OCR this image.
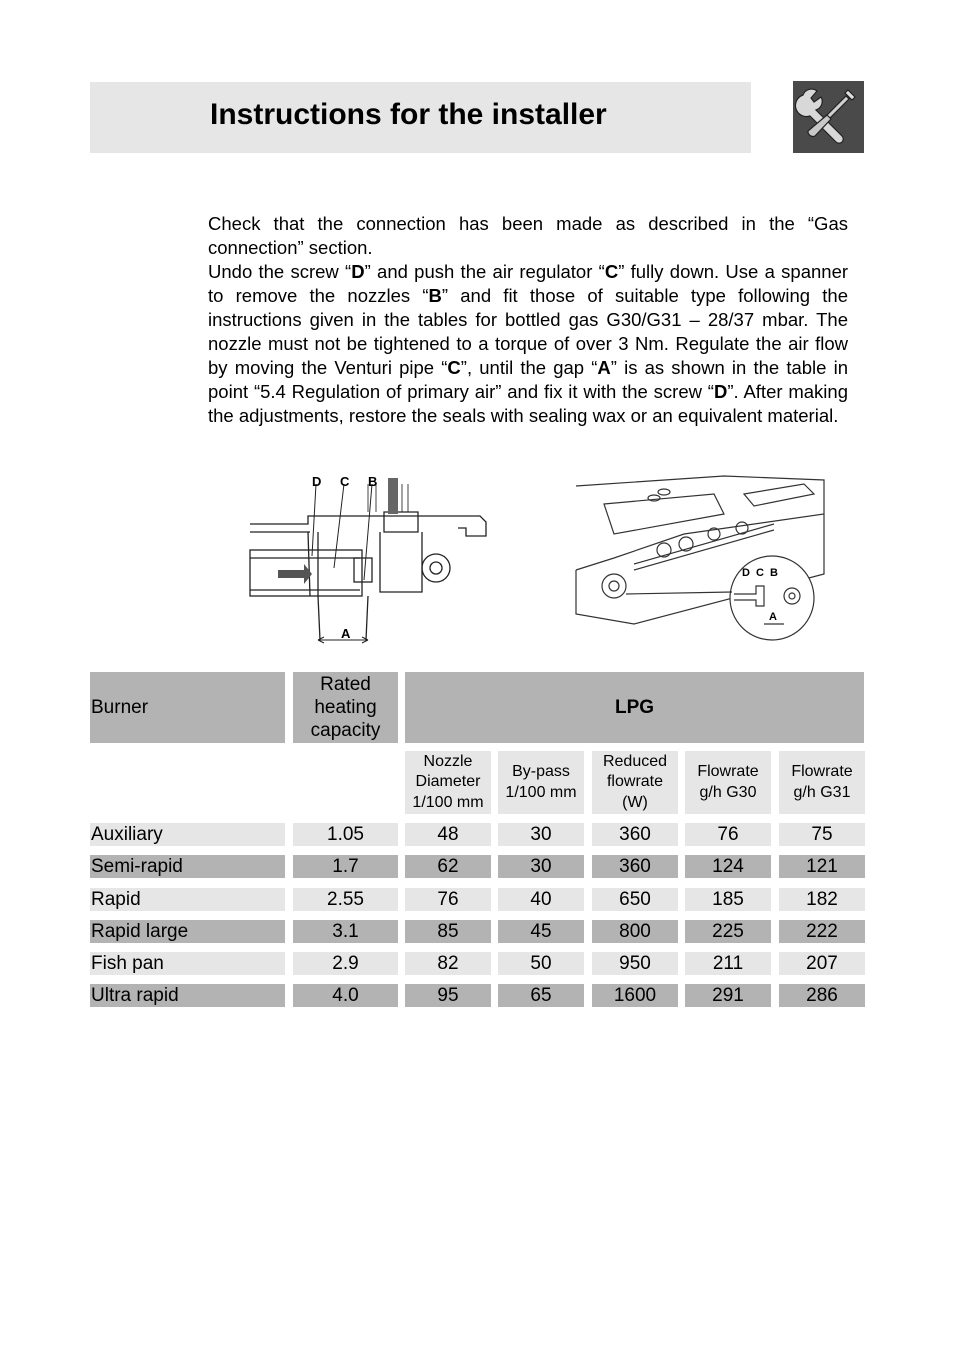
Instructions for the installer

Check that the connection has been made as described in the “Gas connection” section.

Undo the screw “D” and push the air regulator “C” fully down. Use a spanner to remove the nozzles “B” and fit those of suitable type following the instructions given in the tables for bottled gas G30/G31 – 28/37 mbar. The nozzle must not be tightened to a torque of over 3 Nm. Regulate the air flow by moving the Venturi pipe “C”, until the gap “A” is as shown in the table in point “5.4 Regulation of primary air” and fix it with the screw “D”. After making the adjustments, restore the seals with sealing wax or an equivalent material.

D C B
A
D C B
A
Burner
Rated heating capacity
LPG
Nozzle Diameter 1/100 mm
By-pass 1/100 mm
Reduced flowrate (W)
Flowrate g/h G30
Flowrate g/h G31
Auxiliary	1.05	48	30	360	76	75
Semi-rapid	1.7	62	30	360	124	121
Rapid	2.55	76	40	650	185	182
Rapid large	3.1	85	45	800	225	222
Fish pan	2.9	82	50	950	211	207
Ultra rapid	4.0	95	65	1600	291	286
